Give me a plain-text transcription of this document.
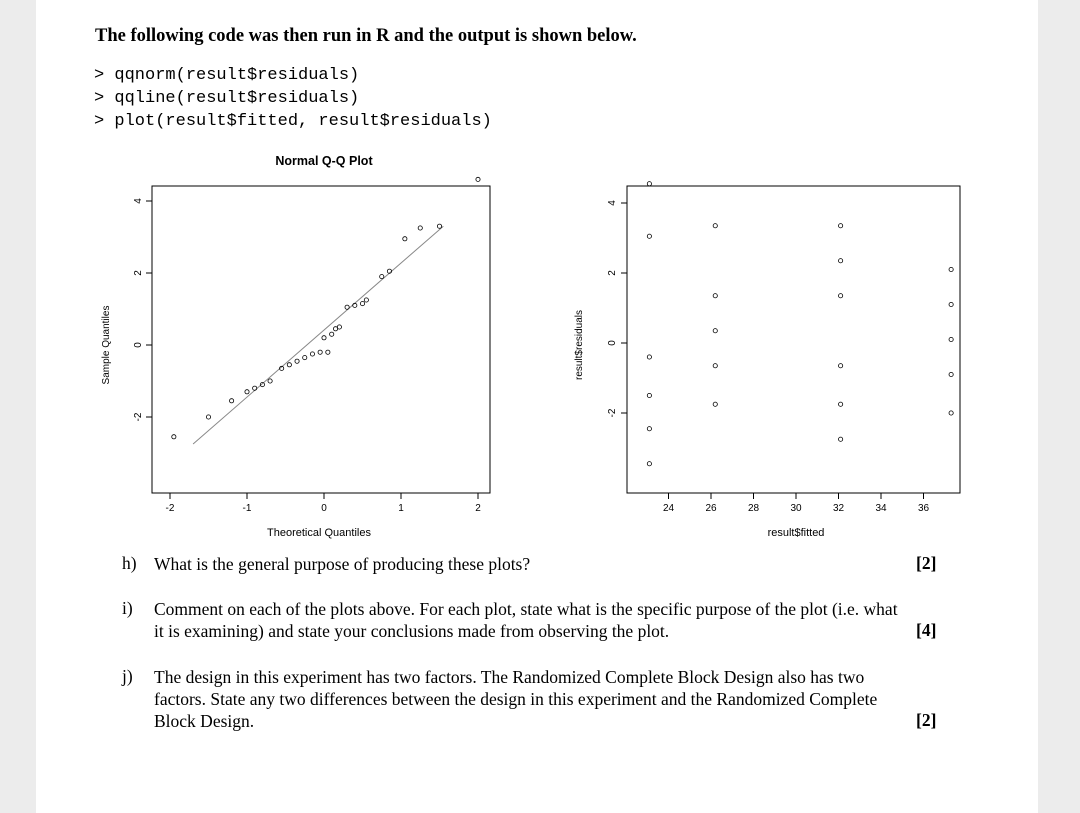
The following code was then run in R and the output is shown below.
> qqnorm(result$residuals)
> qqline(result$residuals)
> plot(result$fitted, result$residuals)
Normal Q-Q Plot
-2	-1	0	1	2
-2
0
2
4
Theoretical Quantiles
Sample Quantiles
24	26	28	30	32	34	36
-2
0
2
4
result$fitted
result$residuals
h) What is the general purpose of producing these plots?	[2]
i) Comment on each of the plots above. For each plot, state what is the specific purpose of the plot (i.e. what
it is examining) and state your conclusions made from observing the plot.	[4]
j) The design in this experiment has two factors. The Randomized Complete Block Design also has two
factors. State any two differences between the design in this experiment and the Randomized Complete
Block Design.	[2]
